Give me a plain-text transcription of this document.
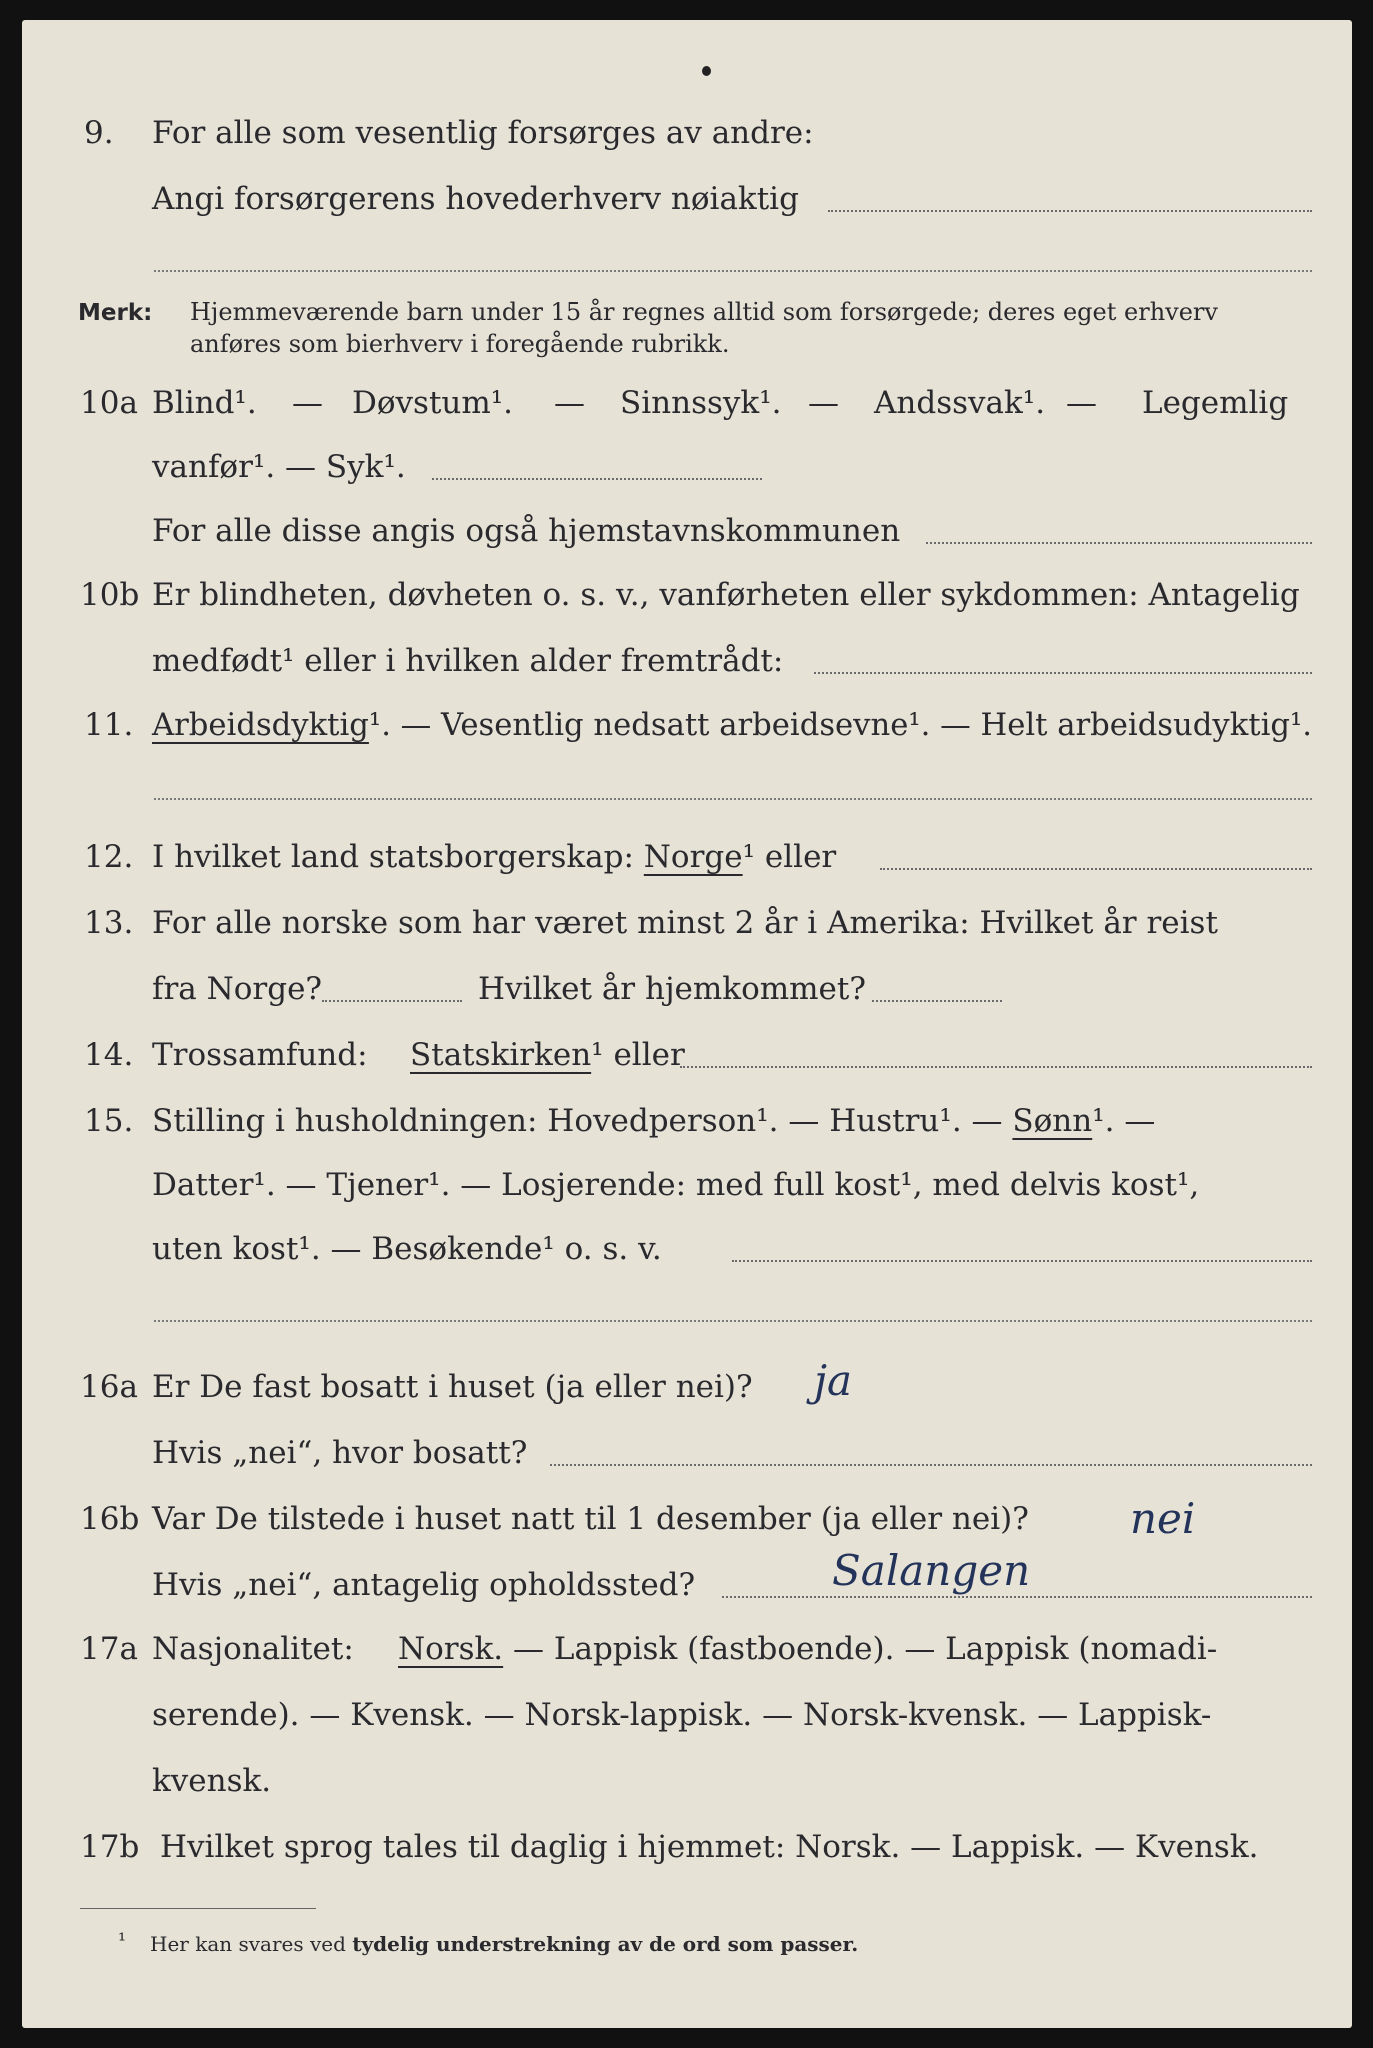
9. For alle som vesentlig forsørges av andre:
Angi forsørgerens hovederhverv nøiaktig
Merk: Hjemmeværende barn under 15 år regnes alltid som forsørgede; deres eget erhverv
anføres som bierhverv i foregående rubrikk.
10a Blind¹. — Døvstum¹. — Sinnssyk¹. — Andssvak¹. — Legemlig
vanfør¹. — Syk¹.
For alle disse angis også hjemstavnskommunen
10b Er blindheten, døvheten o. s. v., vanførheten eller sykdommen: Antagelig
medfødt¹ eller i hvilken alder fremtrådt:
11. Arbeidsdyktig¹. — Vesentlig nedsatt arbeidsevne¹. — Helt arbeidsudyktig¹.
12. I hvilket land statsborgerskap: Norge¹ eller
13. For alle norske som har været minst 2 år i Amerika: Hvilket år reist
fra Norge?	Hvilket år hjemkommet?
14. Trossamfund: Statskirken¹ eller
15. Stilling i husholdningen: Hovedperson¹. — Hustru¹. — Sønn¹. —
Datter¹. — Tjener¹. — Losjerende: med full kost¹, med delvis kost¹,
uten kost¹. — Besøkende¹ o. s. v.
16a Er De fast bosatt i huset (ja eller nei)? ja
Hvis „nei“, hvor bosatt?
16b Var De tilstede i huset natt til 1 desember (ja eller nei)? nei
Hvis „nei“, antagelig opholdssted?	Salangen
17a Nasjonalitet: Norsk. — Lappisk (fastboende). — Lappisk (nomadi-
serende). — Kvensk. — Norsk-lappisk. — Norsk-kvensk. — Lappisk-
kvensk.
17b Hvilket sprog tales til daglig i hjemmet: Norsk. — Lappisk. — Kvensk.
¹ Her kan svares ved tydelig understrekning av de ord som passer.
